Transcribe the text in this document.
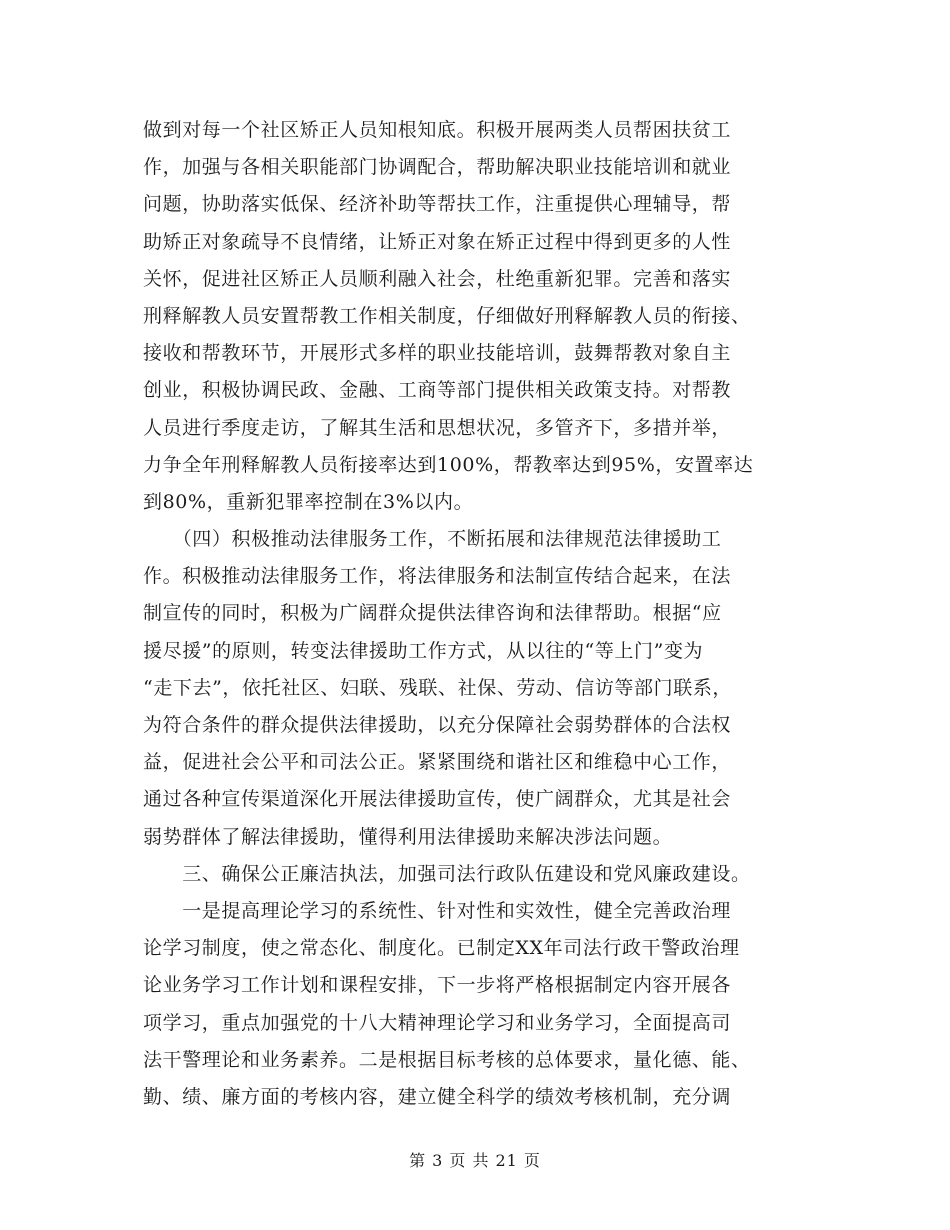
做到对每一个社区矫正人员知根知底。积极开展两类人员帮困扶贫工
作，加强与各相关职能部门协调配合，帮助解决职业技能培训和就业
问题，协助落实低保、经济补助等帮扶工作，注重提供心理辅导，帮
助矫正对象疏导不良情绪，让矫正对象在矫正过程中得到更多的人性
关怀，促进社区矫正人员顺利融入社会，杜绝重新犯罪。完善和落实
刑释解教人员安置帮教工作相关制度，仔细做好刑释解教人员的衔接、
接收和帮教环节，开展形式多样的职业技能培训，鼓舞帮教对象自主
创业，积极协调民政、金融、工商等部门提供相关政策支持。对帮教
人员进行季度走访，了解其生活和思想状况，多管齐下，多措并举，
力争全年刑释解教人员衔接率达到100%，帮教率达到95%，安置率达
到80%，重新犯罪率控制在3%以内。
　　（四）积极推动法律服务工作，不断拓展和法律规范法律援助工
作。积极推动法律服务工作，将法律服务和法制宣传结合起来，在法
制宣传的同时，积极为广阔群众提供法律咨询和法律帮助。根据“应
援尽援”的原则，转变法律援助工作方式，从以往的“等上门”变为
“走下去”，依托社区、妇联、残联、社保、劳动、信访等部门联系，
为符合条件的群众提供法律援助，以充分保障社会弱势群体的合法权
益，促进社会公平和司法公正。紧紧围绕和谐社区和维稳中心工作，
通过各种宣传渠道深化开展法律援助宣传，使广阔群众，尤其是社会
弱势群体了解法律援助，懂得利用法律援助来解决涉法问题。
　　三、确保公正廉洁执法，加强司法行政队伍建设和党风廉政建设。
　　一是提高理论学习的系统性、针对性和实效性，健全完善政治理
论学习制度，使之常态化、制度化。已制定XX年司法行政干警政治理
论业务学习工作计划和课程安排，下一步将严格根据制定内容开展各
项学习，重点加强党的十八大精神理论学习和业务学习，全面提高司
法干警理论和业务素养。二是根据目标考核的总体要求，量化德、能、
勤、绩、廉方面的考核内容，建立健全科学的绩效考核机制，充分调
第 3 页 共 21 页
